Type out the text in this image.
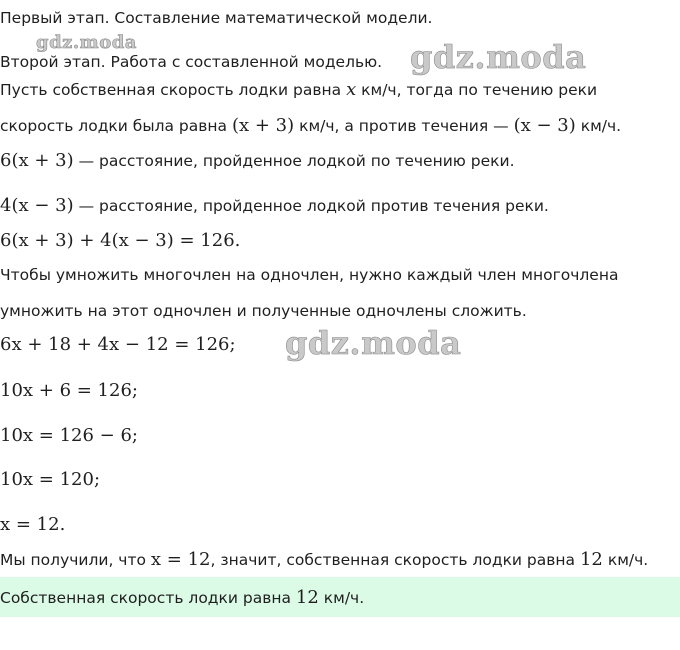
Первый этап. Составление математической модели.
gdz.moda
Второй этап. Работа с составленной моделью. gdz.moda
Пусть собственная скорость лодки равна x км/ч, тогда по течению реки
скорость лодки была равна (x + 3) км/ч, а против течения — (x − 3) км/ч.
6(x + 3) — расстояние, пройденное лодкой по течению реки.
4(x − 3) — расстояние, пройденное лодкой против течения реки.
6(x + 3) + 4(x − 3) = 126.
Чтобы умножить многочлен на одночлен, нужно каждый член многочлена
умножить на этот одночлен и полученные одночлены сложить.
6x + 18 + 4x − 12 = 126; gdz.moda
10x + 6 = 126;
10x = 126 − 6;
10x = 120;
x = 12.
Мы получили, что x = 12, значит, собственная скорость лодки равна 12 км/ч.
Собственная скорость лодки равна 12 км/ч.
